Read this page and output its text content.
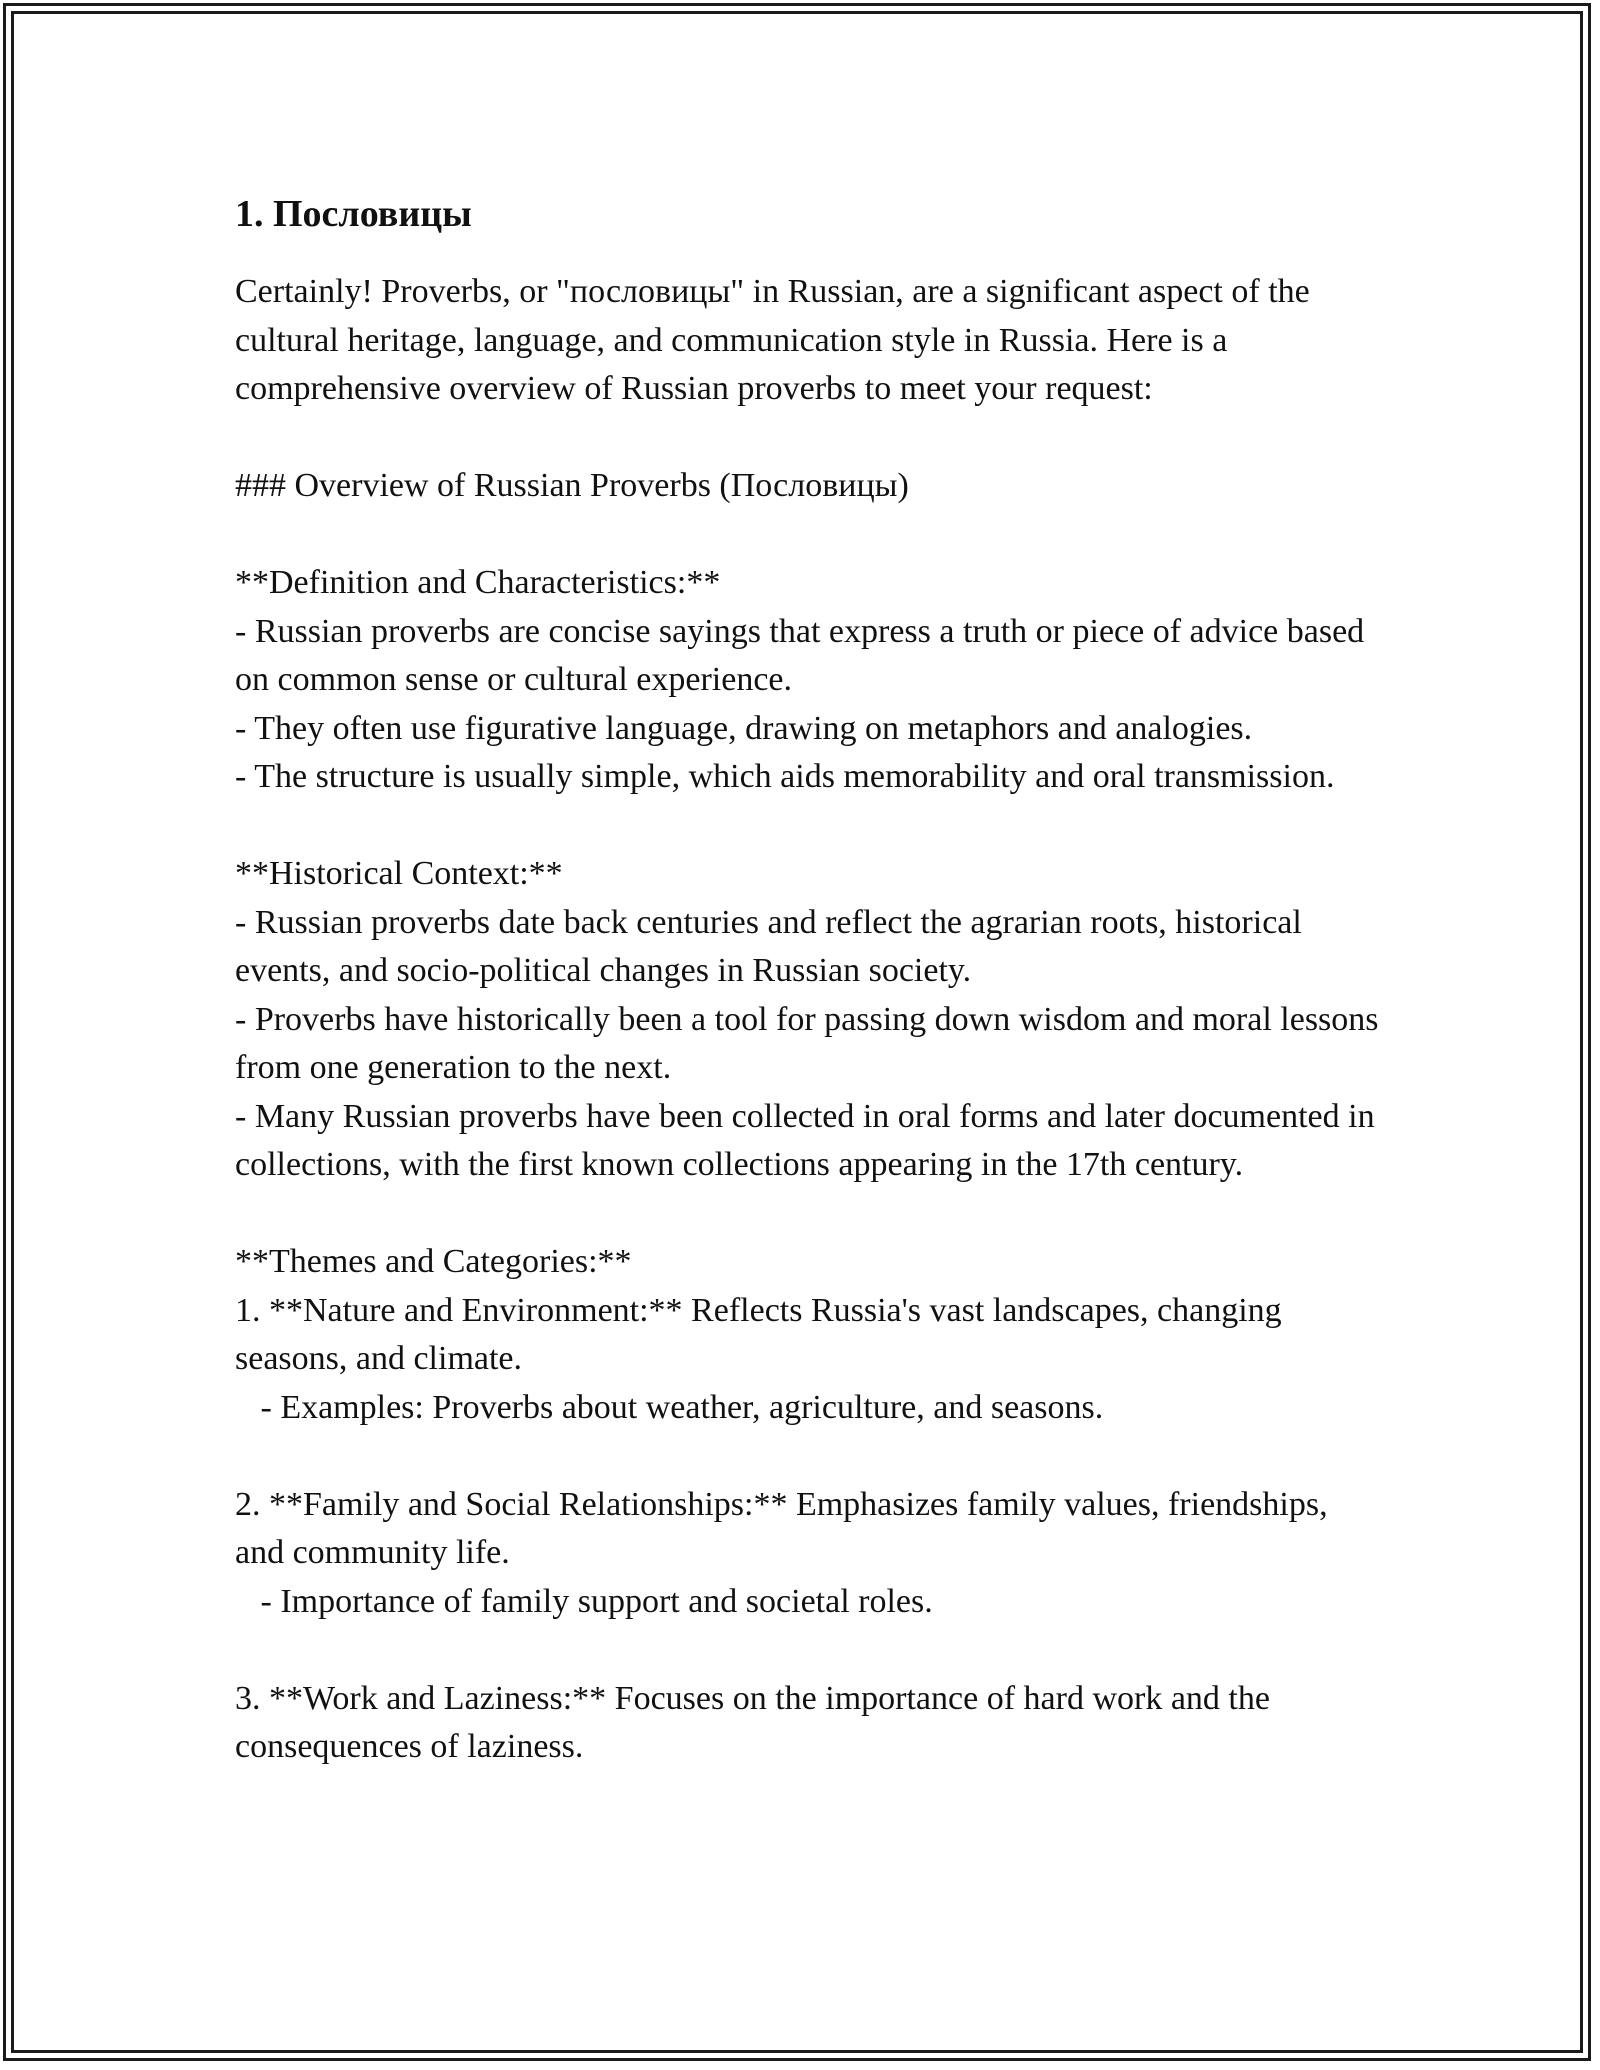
1. Пословицы

Certainly! Proverbs, or "пословицы" in Russian, are a significant aspect of the cultural heritage, language, and communication style in Russia. Here is a comprehensive overview of Russian proverbs to meet your request:

### Overview of Russian Proverbs (Пословицы)

**Definition and Characteristics:**

- Russian proverbs are concise sayings that express a truth or piece of advice based on common sense or cultural experience.

- They often use figurative language, drawing on metaphors and analogies.

- The structure is usually simple, which aids memorability and oral transmission.

**Historical Context:**

- Russian proverbs date back centuries and reflect the agrarian roots, historical events, and socio-political changes in Russian society.

- Proverbs have historically been a tool for passing down wisdom and moral lessons from one generation to the next.

- Many Russian proverbs have been collected in oral forms and later documented in collections, with the first known collections appearing in the 17th century.

**Themes and Categories:**

1. **Nature and Environment:** Reflects Russia's vast landscapes, changing seasons, and climate.

- Examples: Proverbs about weather, agriculture, and seasons.

2. **Family and Social Relationships:** Emphasizes family values, friendships, and community life.

- Importance of family support and societal roles.

3. **Work and Laziness:** Focuses on the importance of hard work and the consequences of laziness.
